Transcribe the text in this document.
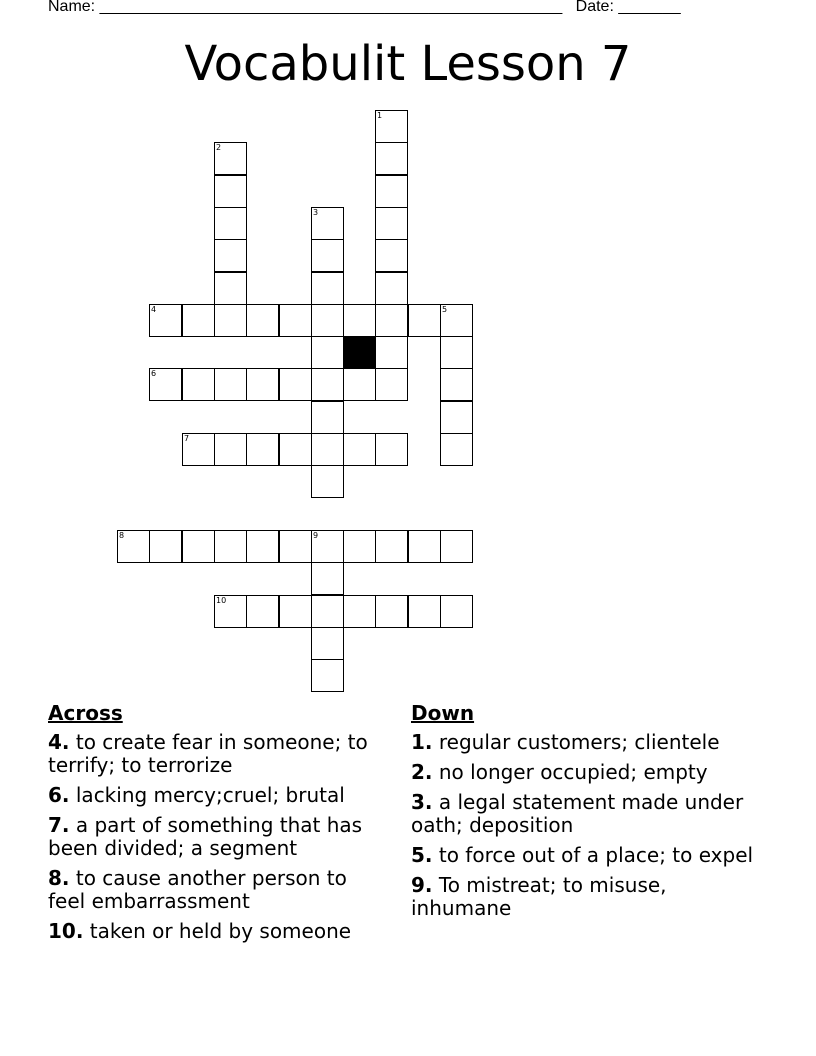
Name: ____________________________________________________ Date: _______
Vocabulit Lesson 7
1
2
3
4	5
6
7
8	9
10
Across
4. to create fear in someone; to terrify; to terrorize
6. lacking mercy;cruel; brutal
7. a part of something that has been divided; a segment
8. to cause another person to feel embarrassment
10. taken or held by someone
Down
1. regular customers; clientele
2. no longer occupied; empty
3. a legal statement made under oath; deposition
5. to force out of a place; to expel
9. To mistreat; to misuse, inhumane
